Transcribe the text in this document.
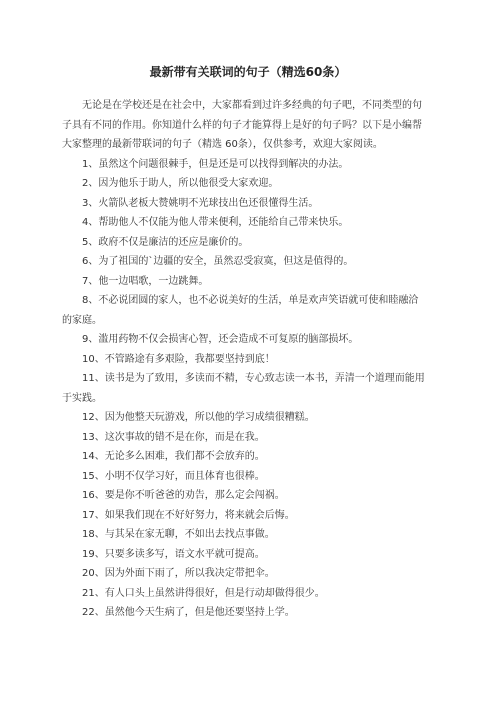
最新带有关联词的句子（精选60条）

无论是在学校还是在社会中，大家都看到过许多经典的句子吧，不同类型的句子具有不同的作用。你知道什么样的句子才能算得上是好的句子吗？以下是小编帮大家整理的最新带联词的句子（精选 60条），仅供参考，欢迎大家阅读。

1、虽然这个问题很棘手，但是还是可以找得到解决的办法。

2、因为他乐于助人，所以他很受大家欢迎。

3、火箭队老板大赞姚明不光球技出色还很懂得生活。

4、帮助他人不仅能为他人带来便利，还能给自己带来快乐。

5、政府不仅是廉洁的还应是廉价的。

6、为了祖国的`边疆的安全，虽然忍受寂寞，但这是值得的。

7、他一边唱歌，一边跳舞。

8、不必说团圆的家人，也不必说美好的生活，单是欢声笑语就可使和睦融洽的家庭。

9、滥用药物不仅会损害心智，还会造成不可复原的脑部损坏。

10、不管路途有多艰险，我都要坚持到底！

11、读书是为了致用，多读而不精，专心致志读一本书，弄清一个道理而能用于实践。

12、因为他整天玩游戏，所以他的学习成绩很糟糕。

13、这次事故的错不是在你，而是在我。

14、无论多么困难，我们都不会放弃的。

15、小明不仅学习好，而且体育也很棒。

16、要是你不听爸爸的劝告，那么定会闯祸。

17、如果我们现在不好好努力，将来就会后悔。

18、与其呆在家无聊，不如出去找点事做。

19、只要多读多写，语文水平就可提高。

20、因为外面下雨了，所以我决定带把伞。

21、有人口头上虽然讲得很好，但是行动却做得很少。

22、虽然他今天生病了，但是他还要坚持上学。
